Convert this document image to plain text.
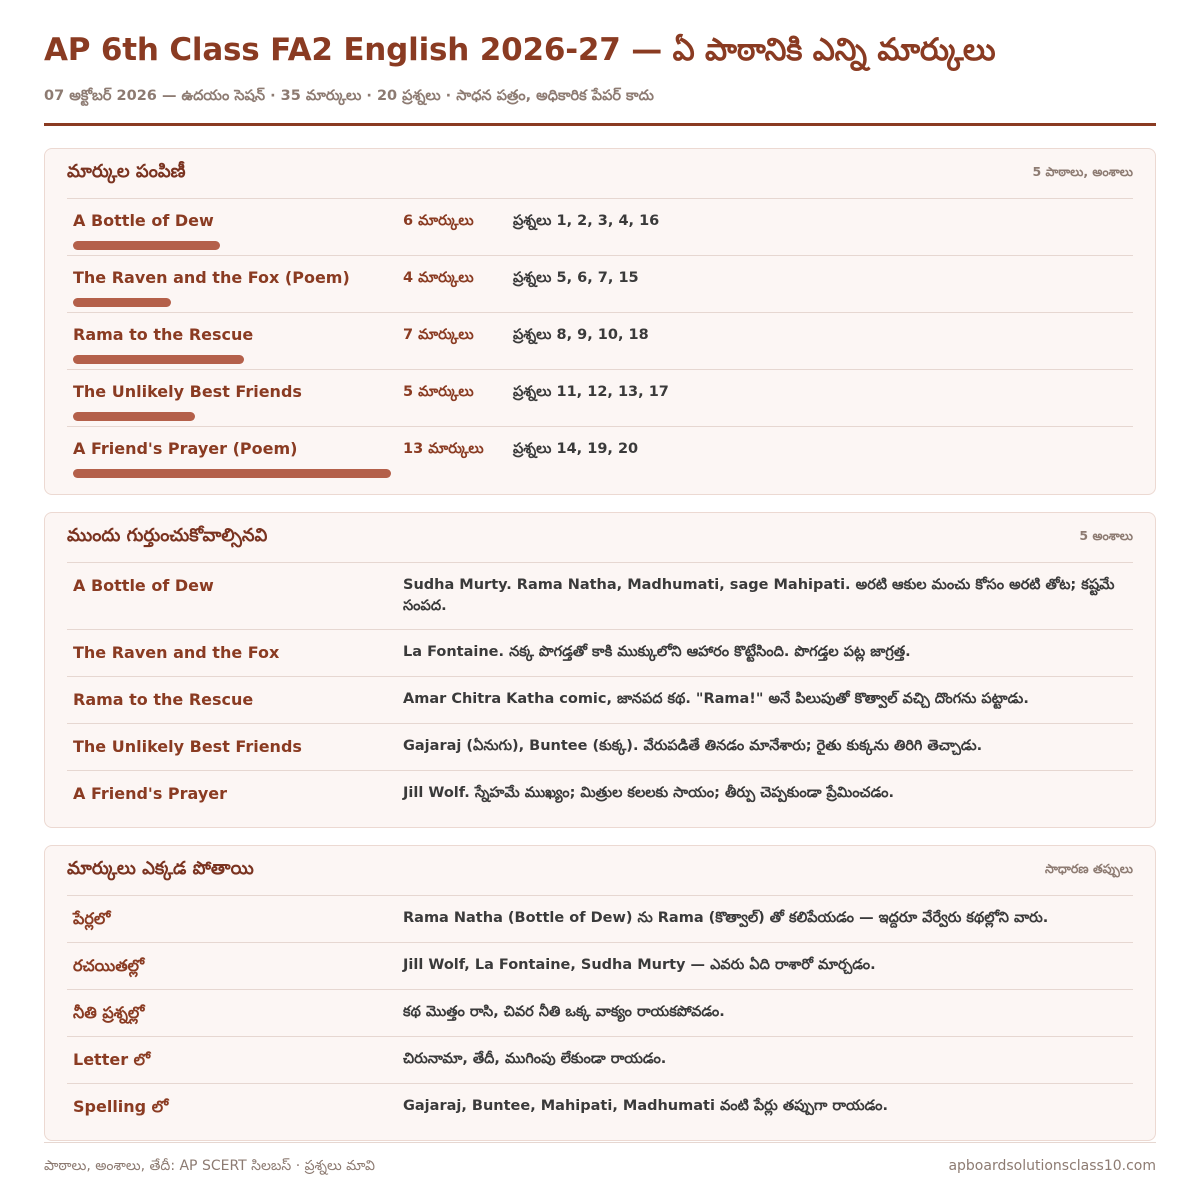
AP 6th Class FA2 English 2026-27 — ఏ పాఠానికి ఎన్ని మార్కులు
07 అక్టోబర్ 2026 — ఉదయం సెషన్ · 35 మార్కులు · 20 ప్రశ్నలు · సాధన పత్రం, అధికారిక పేపర్ కాదు
మార్కుల పంపిణీ	5 పాఠాలు, అంశాలు
A Bottle of Dew	6 మార్కులు	ప్రశ్నలు 1, 2, 3, 4, 16
The Raven and the Fox (Poem)	4 మార్కులు	ప్రశ్నలు 5, 6, 7, 15
Rama to the Rescue	7 మార్కులు	ప్రశ్నలు 8, 9, 10, 18
The Unlikely Best Friends	5 మార్కులు	ప్రశ్నలు 11, 12, 13, 17
A Friend's Prayer (Poem)	13 మార్కులు	ప్రశ్నలు 14, 19, 20
ముందు గుర్తుంచుకోవాల్సినవి	5 అంశాలు
A Bottle of Dew	Sudha Murty. Rama Natha, Madhumati, sage Mahipati. అరటి ఆకుల మంచు కోసం అరటి తోట; కష్టమే సంపద.
The Raven and the Fox	La Fontaine. నక్క పొగడ్తతో కాకి ముక్కులోని ఆహారం కొట్టేసింది. పొగడ్తల పట్ల జాగ్రత్త.
Rama to the Rescue	Amar Chitra Katha comic, జానపద కథ. "Rama!" అనే పిలుపుతో కొత్వాల్ వచ్చి దొంగను పట్టాడు.
The Unlikely Best Friends	Gajaraj (ఏనుగు), Buntee (కుక్క). వేరుపడితే తినడం మానేశారు; రైతు కుక్కను తిరిగి తెచ్చాడు.
A Friend's Prayer	Jill Wolf. స్నేహమే ముఖ్యం; మిత్రుల కలలకు సాయం; తీర్పు చెప్పకుండా ప్రేమించడం.
మార్కులు ఎక్కడ పోతాయి	సాధారణ తప్పులు
పేర్లలో	Rama Natha (Bottle of Dew) ను Rama (కొత్వాల్) తో కలిపేయడం — ఇద్దరూ వేర్వేరు కథల్లోని వారు.
రచయితల్లో	Jill Wolf, La Fontaine, Sudha Murty — ఎవరు ఏది రాశారో మార్చడం.
నీతి ప్రశ్నల్లో	కథ మొత్తం రాసి, చివర నీతి ఒక్క వాక్యం రాయకపోవడం.
Letter లో	చిరునామా, తేదీ, ముగింపు లేకుండా రాయడం.
Spelling లో	Gajaraj, Buntee, Mahipati, Madhumati వంటి పేర్లు తప్పుగా రాయడం.
పాఠాలు, అంశాలు, తేదీ: AP SCERT సిలబస్ · ప్రశ్నలు మావి	apboardsolutionsclass10.com
